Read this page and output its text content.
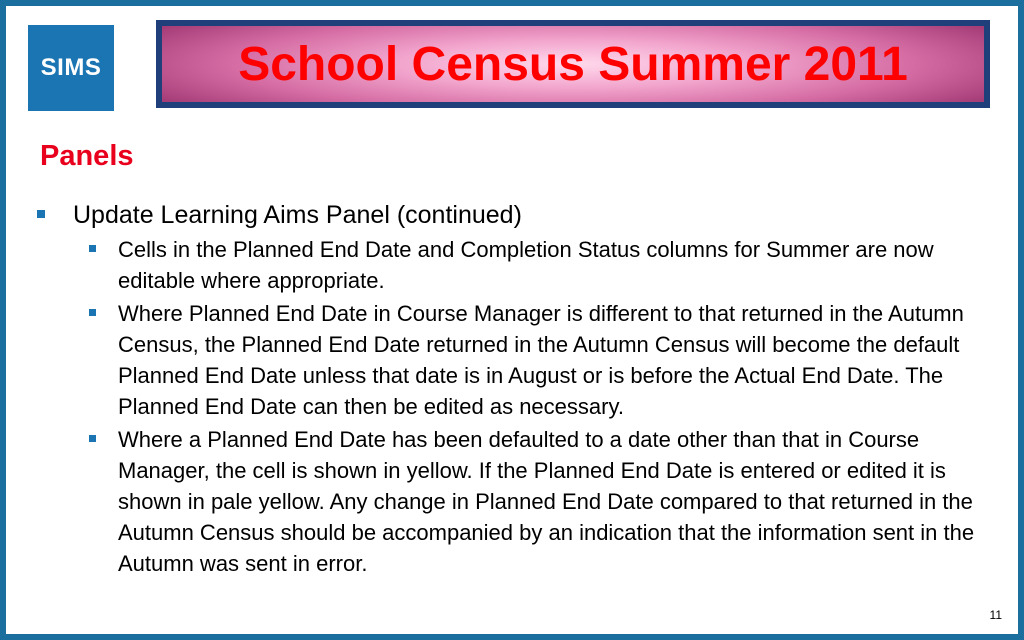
SIMS	School Census Summer 2011
Panels
Update Learning Aims Panel (continued)
Cells in the Planned End Date and Completion Status columns for Summer are now editable where appropriate.
Where Planned End Date in Course Manager is different to that returned in the Autumn Census, the Planned End Date returned in the Autumn Census will become the default Planned End Date unless that date is in August or is before the Actual End Date. The Planned End Date can then be edited as necessary.
Where a Planned End Date has been defaulted to a date other than that in Course Manager, the cell is shown in yellow. If the Planned End Date is entered or edited it is shown in pale yellow. Any change in Planned End Date compared to that returned in the Autumn Census should be accompanied by an indication that the information sent in the Autumn was sent in error.
11
